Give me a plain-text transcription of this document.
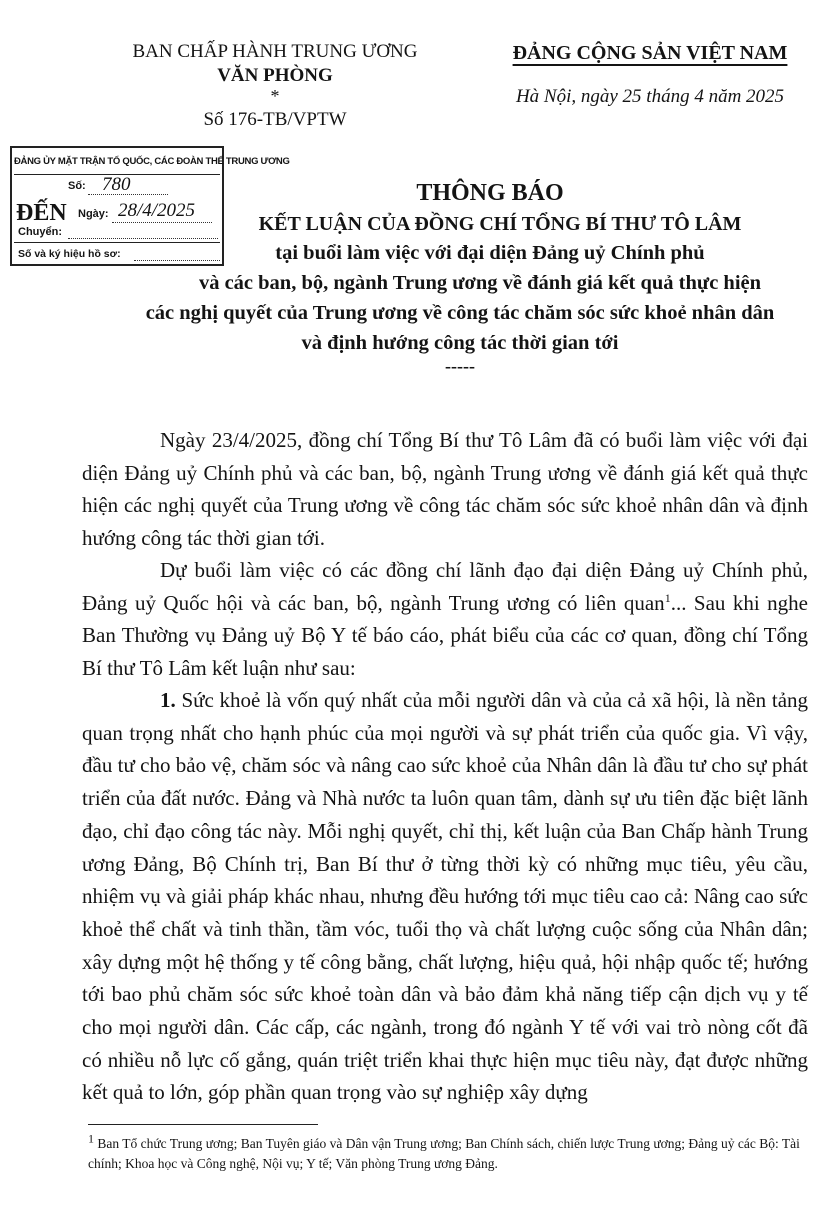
BAN CHẤP HÀNH TRUNG ƯƠNG
VĂN PHÒNG
*
Số 176-TB/VPTW
ĐẢNG CỘNG SẢN VIỆT NAM
Hà Nội, ngày 25 tháng 4 năm 2025
ĐẢNG ỦY MẶT TRẬN TỔ QUỐC, CÁC ĐOÀN THỂ TRUNG ƯƠNG
ĐẾN
Số: 780
Ngày: 28/4/2025
Chuyển:
Số và ký hiệu hồ sơ:
THÔNG BÁO
KẾT LUẬN CỦA ĐỒNG CHÍ TỔNG BÍ THƯ TÔ LÂM
tại buổi làm việc với đại diện Đảng uỷ Chính phủ
và các ban, bộ, ngành Trung ương về đánh giá kết quả thực hiện
các nghị quyết của Trung ương về công tác chăm sóc sức khoẻ nhân dân
và định hướng công tác thời gian tới
-----

Ngày 23/4/2025, đồng chí Tổng Bí thư Tô Lâm đã có buổi làm việc với đại diện Đảng uỷ Chính phủ và các ban, bộ, ngành Trung ương về đánh giá kết quả thực hiện các nghị quyết của Trung ương về công tác chăm sóc sức khoẻ nhân dân và định hướng công tác thời gian tới.

Dự buổi làm việc có các đồng chí lãnh đạo đại diện Đảng uỷ Chính phủ, Đảng uỷ Quốc hội và các ban, bộ, ngành Trung ương có liên quan$^1$... Sau khi nghe Ban Thường vụ Đảng uỷ Bộ Y tế báo cáo, phát biểu của các cơ quan, đồng chí Tổng Bí thư Tô Lâm kết luận như sau:

1. Sức khoẻ là vốn quý nhất của mỗi người dân và của cả xã hội, là nền tảng quan trọng nhất cho hạnh phúc của mọi người và sự phát triển của quốc gia. Vì vậy, đầu tư cho bảo vệ, chăm sóc và nâng cao sức khoẻ của Nhân dân là đầu tư cho sự phát triển của đất nước. Đảng và Nhà nước ta luôn quan tâm, dành sự ưu tiên đặc biệt lãnh đạo, chỉ đạo công tác này. Mỗi nghị quyết, chỉ thị, kết luận của Ban Chấp hành Trung ương Đảng, Bộ Chính trị, Ban Bí thư ở từng thời kỳ có những mục tiêu, yêu cầu, nhiệm vụ và giải pháp khác nhau, nhưng đều hướng tới mục tiêu cao cả: Nâng cao sức khoẻ thể chất và tinh thần, tầm vóc, tuổi thọ và chất lượng cuộc sống của Nhân dân; xây dựng một hệ thống y tế công bằng, chất lượng, hiệu quả, hội nhập quốc tế; hướng tới bao phủ chăm sóc sức khoẻ toàn dân và bảo đảm khả năng tiếp cận dịch vụ y tế cho mọi người dân. Các cấp, các ngành, trong đó ngành Y tế với vai trò nòng cốt đã có nhiều nỗ lực cố gắng, quán triệt triển khai thực hiện mục tiêu này, đạt được những kết quả to lớn, góp phần quan trọng vào sự nghiệp xây dựng

$^1$ Ban Tổ chức Trung ương; Ban Tuyên giáo và Dân vận Trung ương; Ban Chính sách, chiến lược Trung ương; Đảng uỷ các Bộ: Tài chính; Khoa học và Công nghệ, Nội vụ; Y tế; Văn phòng Trung ương Đảng.
